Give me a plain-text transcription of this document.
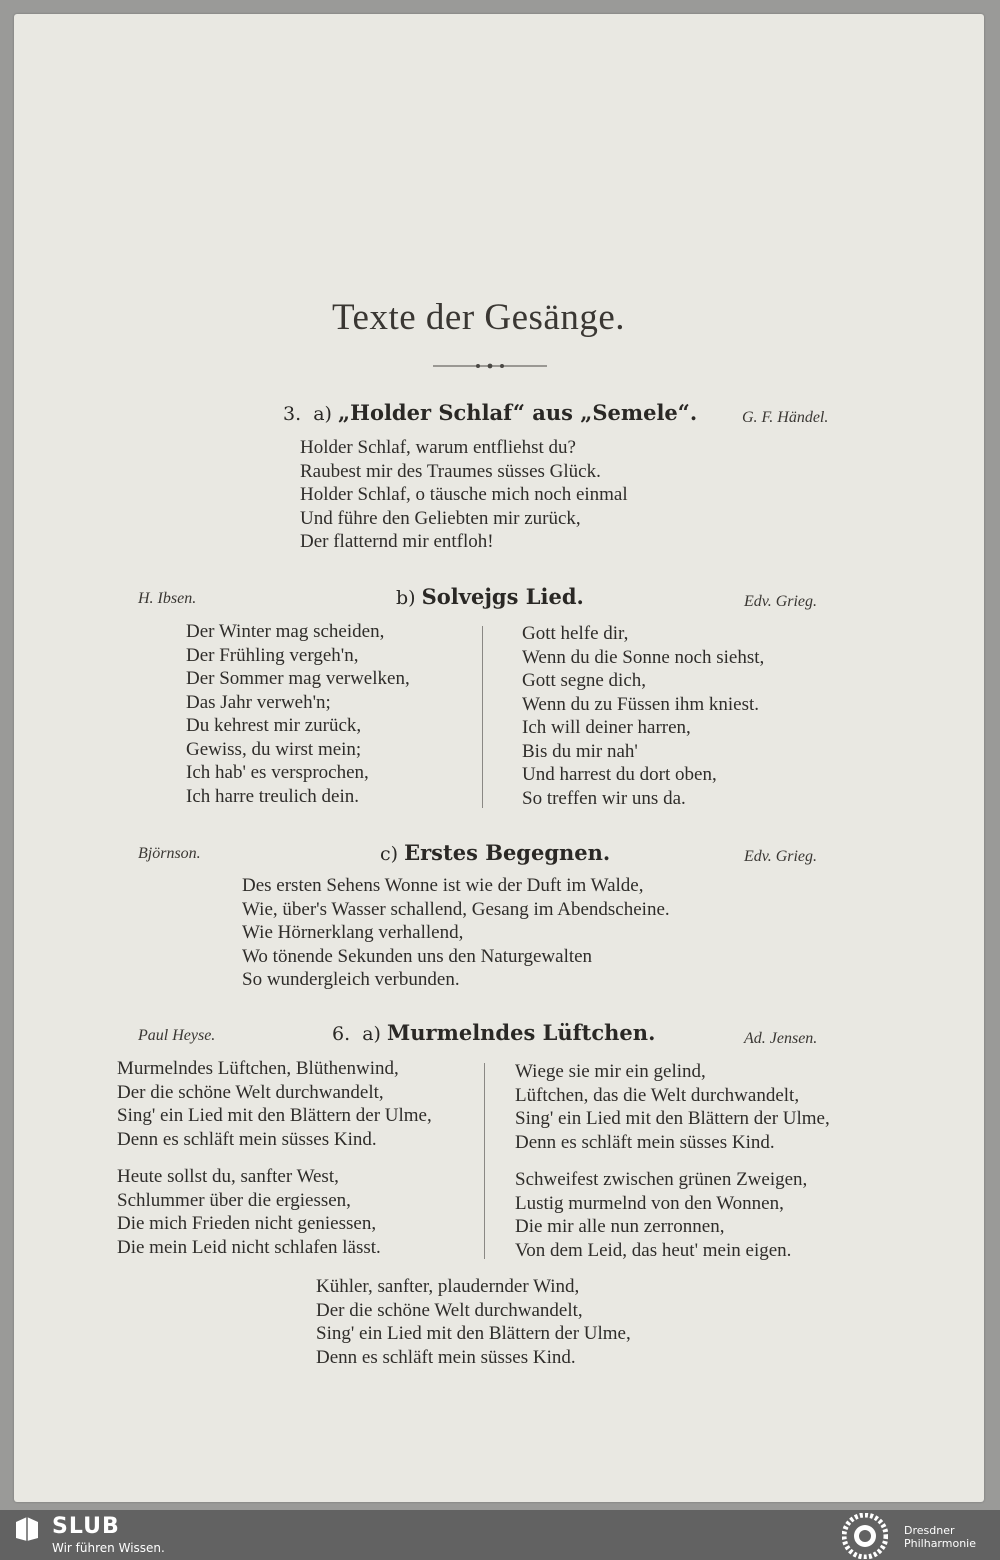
Texte der Gesänge.
3. a) „Holder Schlaf“ aus „Semele“.	G. F. Händel.
Holder Schlaf, warum entfliehst du?
Raubest mir des Traumes süsses Glück.
Holder Schlaf, o täusche mich noch einmal
Und führe den Geliebten mir zurück,
Der flatternd mir entfloh!
H. Ibsen.	b) Solvejgs Lied.	Edv. Grieg.
Der Winter mag scheiden,
Der Frühling vergeh'n,
Der Sommer mag verwelken,
Das Jahr verweh'n;
Du kehrest mir zurück,
Gewiss, du wirst mein;
Ich hab' es versprochen,
Ich harre treulich dein.
Gott helfe dir,
Wenn du die Sonne noch siehst,
Gott segne dich,
Wenn du zu Füssen ihm kniest.
Ich will deiner harren,
Bis du mir nah'
Und harrest du dort oben,
So treffen wir uns da.
Björnson.	c) Erstes Begegnen.	Edv. Grieg.
Des ersten Sehens Wonne ist wie der Duft im Walde,
Wie, über's Wasser schallend, Gesang im Abendscheine.
Wie Hörnerklang verhallend,
Wo tönende Sekunden uns den Naturgewalten
So wundergleich verbunden.
Paul Heyse.	6. a) Murmelndes Lüftchen.	Ad. Jensen.
Murmelndes Lüftchen, Blüthenwind,
Der die schöne Welt durchwandelt,
Sing' ein Lied mit den Blättern der Ulme,
Denn es schläft mein süsses Kind.
Heute sollst du, sanfter West,
Schlummer über die ergiessen,
Die mich Frieden nicht geniessen,
Die mein Leid nicht schlafen lässt.
Wiege sie mir ein gelind,
Lüftchen, das die Welt durchwandelt,
Sing' ein Lied mit den Blättern der Ulme,
Denn es schläft mein süsses Kind.
Schweifest zwischen grünen Zweigen,
Lustig murmelnd von den Wonnen,
Die mir alle nun zerronnen,
Von dem Leid, das heut' mein eigen.
Kühler, sanfter, plaudernder Wind,
Der die schöne Welt durchwandelt,
Sing' ein Lied mit den Blättern der Ulme,
Denn es schläft mein süsses Kind.
SLUB
Wir führen Wissen.
Dresdner
Philharmonie
